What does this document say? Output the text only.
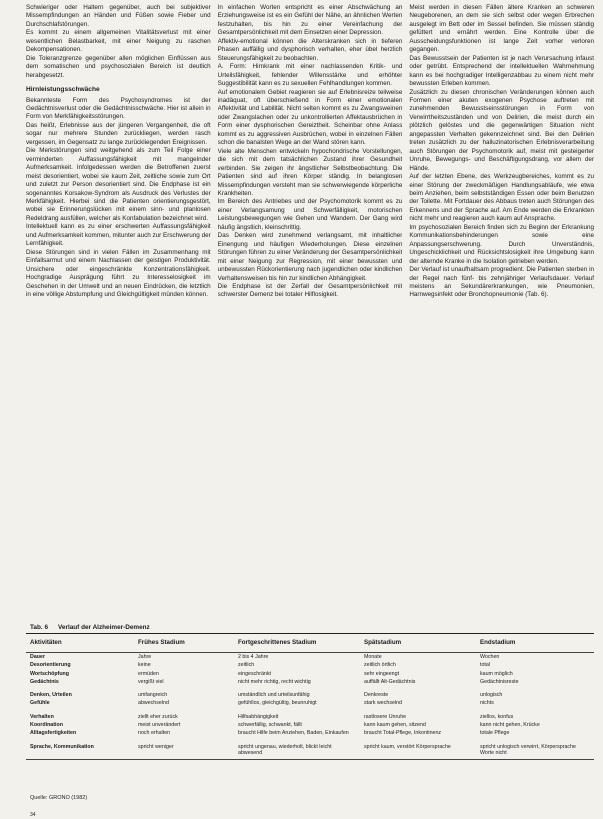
Schwieriger oder Haltern gegenüber, auch bei subjektiver Missempfindungen an Händen und Füßen sowie Fieber und Durchschlafstörungen.

Es kommt zu einem allgemeinen Vitalitätsverlust mit einer wesentlichen Belastbarkeit, mit einer Neigung zu raschen Dekompensationen.

Die Toleranzgrenze gegenüber allen möglichen Einflüssen aus dem somatischen und psychosozialen Bereich ist deutlich herabgesetzt.

Hirnleistungsschwäche

Bekannteste Form des Psychosyndromes ist der Gedächtnisverlust oder die Gedächtnisschwäche. Hier ist allein in Form von Merkfähigkeitsstörungen.

Das heißt, Erlebnisse aus der jüngeren Vergangenheit, die oft sogar nur mehrere Stunden zurückliegen, werden rasch vergessen, im Gegensatz zu lange zurückliegenden Ereignissen.

Die Merkstörungen sind weitgehend als zum Teil Folge einer verminderten Auffassungsfähigkeit mit mangelnder Aufmerksamkeit. Infolgedessen werden die Betroffenen zuerst meist desorientiert, wobei sie kaum Zeit, zeitliche sowie zum Ort und zuletzt zur Person desorientiert sind. Die Endphase ist ein sogenanntes Korsakow-Syndrom als Ausdruck des Verlustes der Merkfähigkeit. Hierbei sind die Patienten orientierungsgestört, wobei sie Erinnerungslücken mit einem sinn- und planlosen Redeldrang ausfüllen, welcher als Konfabulation bezeichnet wird.

Intellektuell kann es zu einer erschwerten Auffassungsfähigkeit und Aufmerksamkeit kommen, mitunter auch zur Erschwerung der Lernfähigkeit.

Diese Störungen sind in vielen Fällen im Zusammenhang mit Einfallsarmut und einem Nachlassen der geistigen Produktivität. Unsichere oder eingeschränkte Konzentrationsfähigkeit. Hochgradige Ausprägung führt zu Interesselosigkeit im Geschehen in der Umwelt und an neuen Eindrücken, die letztlich in eine völlige Abstumpfung und Gleichgültigkeit münden können.

In einfachen Worten entspricht es einer Abschwächung an Erziehungsweise ist es ein Gefühl der Nähe, an ähnlichen Werten festzuhalten, bis hin zu einer Vereinfachung der Gesamtpersönlichkeit mit dem Einsetzen einer Depression.

Affektiv-emotional können die Alterskranken sich in tieferen Phasen auffällig und dysphorisch verhalten, eher übel herzlich Steuerungsfähigkeit zu beobachten.

A. Form: Hirnkrank mit einer nachlassenden Kritik- und Urteilsfähigkeit, fehlender Willensstärke und erhöhter Suggestibilität kann es zu sexuellen Fehlhandlungen kommen.

Auf emotionalem Gebiet reagieren sie auf Erlebnisreize teilweise inadäquat, oft überschießend in Form einer emotionalen Affektivität und Labilität. Nicht selten kommt es zu Zwangsweinen oder Zwangslachen oder zu unkontrollierten Affektausbrüchen in Form einer dysphorischen Gereiztheit. Scheinbar ohne Anlass kommt es zu aggressiven Ausbrüchen, wobei in einzelnen Fällen schon die banalsten Wege an der Wand stören kann.

Viele alte Menschen entwickeln hypochondrische Vorstellungen, die sich mit dem tatsächlichen Zustand ihrer Gesundheit verbinden. Sie zeigen ihr ängstlicher Selbstbeobachtung. Die Patienten sind auf ihren Körper ständig. In belanglosen Missempfindungen versteht man sie schwerwiegende körperliche Krankheiten.

Im Bereich des Antriebes und der Psychomotorik kommt es zu einer Verlangsamung und Schwerfälligkeit, motorischen Leistungsbewegungen wie Gehen und Wandern. Der Gang wird häufig ängstlich, kleinschrittig.

Das Denken wird zunehmend verlangsamt, mit inhaltlicher Einengung und häufigen Wiederholungen. Diese einzelnen Störungen führen zu einer Veränderung der Gesamtpersönlichkeit mit einer Neigung zur Regression, mit einer bewussten und unbewussten Rückorientierung nach jugendlichen oder kindlichen Verhaltensweisen bis hin zur kindlichen Abhängigkeit.

Die Endphase ist der Zerfall der Gesamtpersönlichkeit mit schwerster Demenz bei totaler Hilflosigkeit.

Meist werden in diesen Fällen ältere Kranken an schweren Neugeborenen, an dem sie sich selbst oder wegen Erbrechen ausgelegt im Bett oder im Sessel befinden. Sie müssen ständig gefüttert und ernährt werden. Eine Kontrolle über die Ausscheidungsfunktionen ist lange Zeit vorher verloren gegangen.

Das Bewusstsein der Patienten ist je nach Verursachung infaust oder getrübt. Entsprechend der intellektuellen Wahrnehmung kann es bei hochgradiger Intelligenzabbau zu einem nicht mehr bewussten Erleben kommen.

Zusätzlich zu diesen chronischen Veränderungen können auch Formen einer akuten exogenen Psychose auftreten mit zunehmenden Bewusstseinsstörungen in Form von Verwirrtheitszuständen und von Delirien, die meist durch ein plötzlich gelöstes und die gegenwärtigen Situation nicht angepassten Verhalten gekennzeichnet sind. Bei den Delirien treten zusätzlich zu der halluzinatorischen Erlebnisverarbeitung auch Störungen der Psychomotorik auf, meist mit gesteigerter Unruhe, Bewegungs- und Beschäftigungsdrang, vor allem der Hände.

Auf der letzten Ebene, des Werkzeugbereiches, kommt es zu einer Störung der zweckmäßigen Handlungsabläufe, wie etwa beim Anziehen, beim selbstständigen Essen oder beim Benutzen der Toilette. Mit Fortdauer des Abbaus treten auch Störungen des Erkennens und der Sprache auf. Am Ende werden die Erkrankten nicht mehr und reagieren auch kaum auf Ansprache.

Im psychosozialen Bereich finden sich zu Beginn der Erkrankung Kommunikationsbehinderungen sowie eine Anpassungserschwerung. Durch Unverständnis, Ungeschicklichkeit und Rücksichtslosigkeit ihre Umgebung kann der alternde Kranke in die Isolation getrieben werden.

Der Verlauf ist unaufhaltsam progredient. Die Patienten sterben in der Regel nach fünf- bis zehnjähriger Verlaufsdauer. Verlauf meistens an Sekundärerkrankungen, wie Pneumonien, Harnwegsinfekt oder Bronchopneumonie (Tab. 6).

Tab. 6 Verlauf der Alzheimer-Demenz
Aktivitäten	Frühes Stadium	Fortgeschrittenes Stadium	Spätstadium	Endstadium
Dauer	Jahre	2 bis 4 Jahre	Monate	Wochen
Desorientierung	keine	zeitlich	zeitlich örtlich	total
Wortschöpfung	ermüden	eingeschränkt	sehr eingeengt	kaum möglich
Gedächtnis	vergißt viel	nicht mehr richtig, recht wichtig	auffällt Alt-Gedächtnis	Gedächtnisreste
Denken, Urteilen	umfangreich	umständlich und urteilsunfähig	Denkreste	unlogisch
Gefühle	abwechselnd	gefühllos, gleichgültig, beunruhigt	stark wechselnd	nichts
Verhalten	ziellt eher zurück	Hilfsabhängigkeit	rastlosere Unruhe	ziellos, konfus
Koordination	meist unverändert	schwerfällig, schwankt, fällt	kann kaum gehen, sitzend	kann nicht gehen, Krücke
Alltagsfertigkeiten	noch erhalten	braucht Hilfe beim Anziehen, Baden, Einkaufen	braucht Total-Pflege, Inkontinenz	totale Pflege
Sprache, Kommunikation	spricht weniger	spricht ungenau, wiederholt, blickt leicht abwesend	spricht kaum, verstört Körpersprache	spricht unlogisch verwirrt, Körpersprache Worte nicht
Quelle: GRONO (1982)
34
